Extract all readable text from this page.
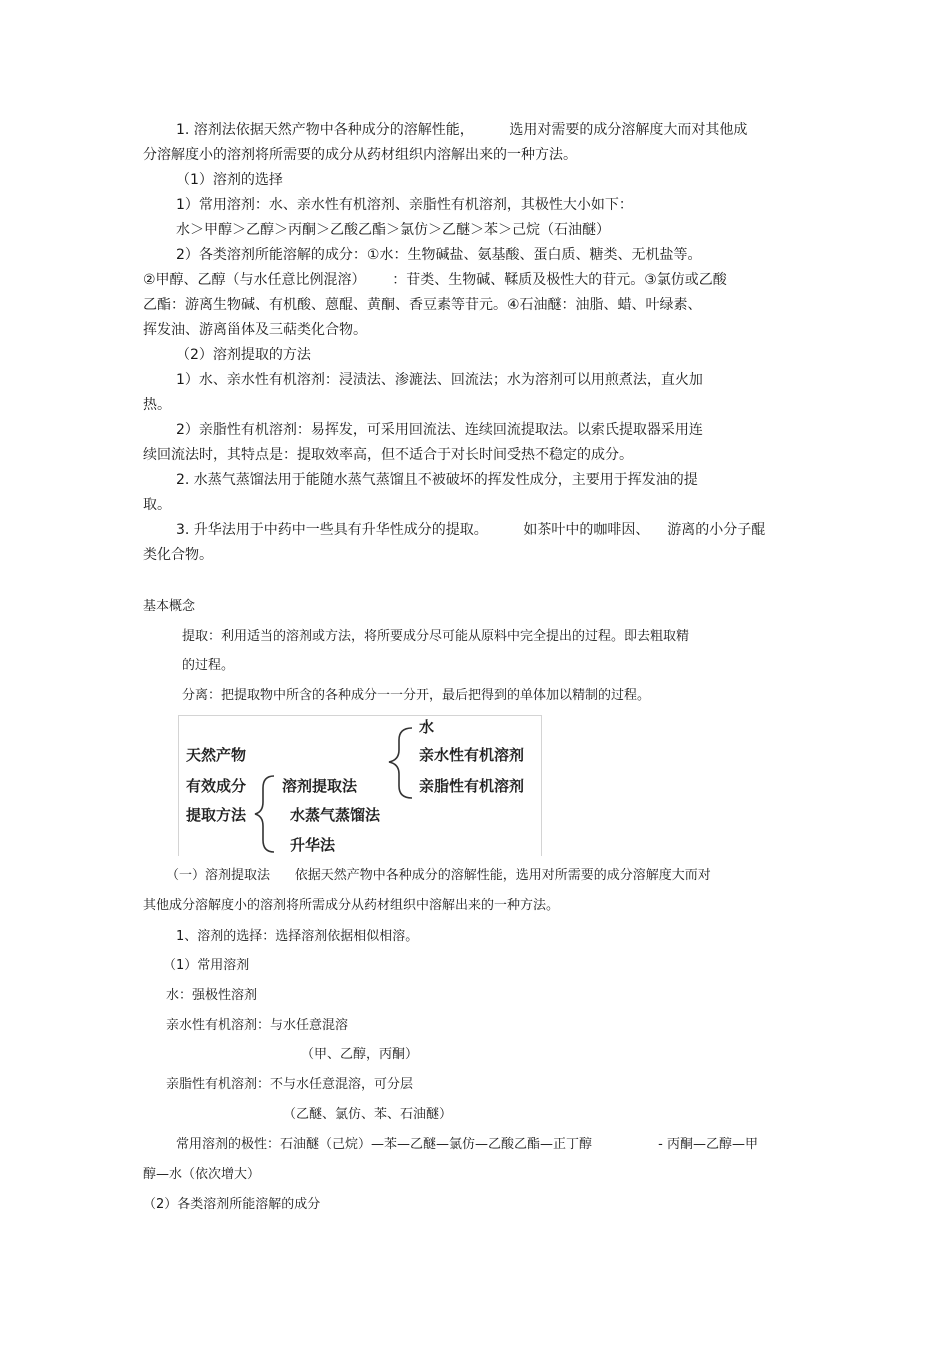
1. 溶剂法依据天然产物中各种成分的溶解性能，        选用对需要的成分溶解度大而对其他成
分溶解度小的溶剂将所需要的成分从药材组织内溶解出来的一种方法。
（1）溶剂的选择
1）常用溶剂：水、亲水性有机溶剂、亲脂性有机溶剂，其极性大小如下：
水＞甲醇＞乙醇＞丙酮＞乙酸乙酯＞氯仿＞乙醚＞苯＞己烷（石油醚）
2）各类溶剂所能溶解的成分：①水：生物碱盐、氨基酸、蛋白质、糖类、无机盐等。
②甲醇、乙醇（与水任意比例混溶）      ：苷类、生物碱、鞣质及极性大的苷元。③氯仿或乙酸
乙酯：游离生物碱、有机酸、蒽醌、黄酮、香豆素等苷元。④石油醚：油脂、蜡、叶绿素、
挥发油、游离甾体及三萜类化合物。
（2）溶剂提取的方法
1）水、亲水性有机溶剂：浸渍法、渗漉法、回流法；水为溶剂可以用煎煮法，直火加
热。
2）亲脂性有机溶剂：易挥发，可采用回流法、连续回流提取法。以索氏提取器采用连
续回流法时，其特点是：提取效率高，但不适合于对长时间受热不稳定的成分。
2. 水蒸气蒸馏法用于能随水蒸气蒸馏且不被破坏的挥发性成分，主要用于挥发油的提
取。
3. 升华法用于中药中一些具有升华性成分的提取。        如茶叶中的咖啡因、    游离的小分子醌
类化合物。
基本概念
提取：利用适当的溶剂或方法，将所要成分尽可能从原料中完全提出的过程。即去粗取精
的过程。
分离：把提取物中所含的各种成分一一分开，最后把得到的单体加以精制的过程。
天然产物
有效成分
提取方法
溶剂提取法
水蒸气蒸馏法
升华法
水
亲水性有机溶剂
亲脂性有机溶剂
（一）溶剂提取法      依据天然产物中各种成分的溶解性能，选用对所需要的成分溶解度大而对
其他成分溶解度小的溶剂将所需成分从药材组织中溶解出来的一种方法。
1、溶剂的选择：选择溶剂依据相似相溶。
（1）常用溶剂
水：强极性溶剂
亲水性有机溶剂：与水任意混溶
（甲、乙醇，丙酮）
亲脂性有机溶剂：不与水任意混溶，可分层
（乙醚、氯仿、苯、石油醚）
常用溶剂的极性：石油醚（己烷）—苯—乙醚—氯仿—乙酸乙酯—正丁醇                - 丙酮—乙醇—甲
醇—水（依次增大）
（2）各类溶剂所能溶解的成分
